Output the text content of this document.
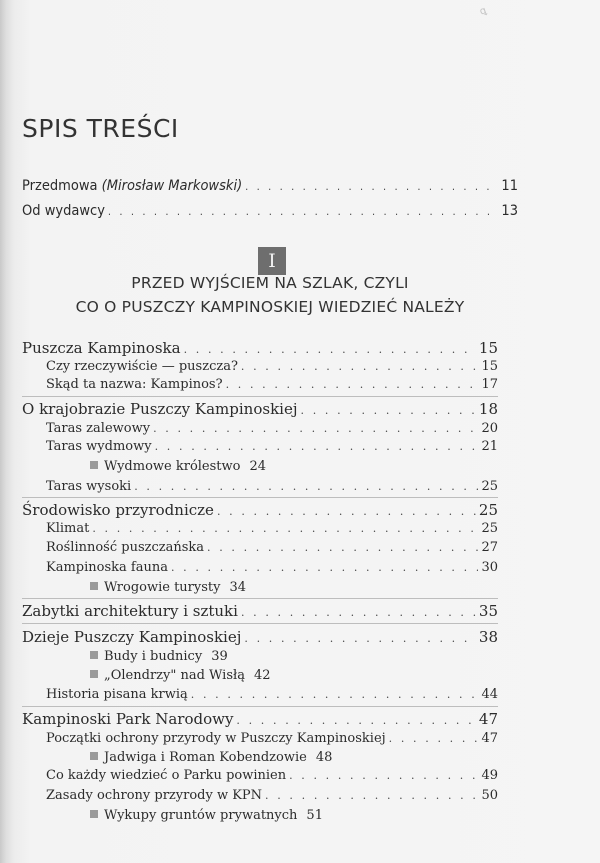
ꝗ
SPIS TREŚCI
Przedmowa (Mirosław Markowski) . . .	11
Od wydawcy . . .	13
I
PRZED WYJŚCIEM NA SZLAK, CZYLI
CO O PUSZCZY KAMPINOSKIEJ WIEDZIEĆ NALEŻY
Puszcza Kampinoska . . .	15
Czy rzeczywiście — puszcza? . . .	15
Skąd ta nazwa: Kampinos? . . .	17
O krajobrazie Puszczy Kampinoskiej . . .	18
Taras zalewowy . . .	20
Taras wydmowy . . .	21
Wydmowe królestwo 24
Taras wysoki . . .	25
Środowisko przyrodnicze . . .	25
Klimat . . .	25
Roślinność puszczańska . . .	27
Kampinoska fauna . . .	30
Wrogowie turysty 34
Zabytki architektury i sztuki . . .	35
Dzieje Puszczy Kampinoskiej . . .	38
Budy i budnicy 39
„Olendrzy" nad Wisłą 42
Historia pisana krwią . . .	44
Kampinoski Park Narodowy . . .	47
Początki ochrony przyrody w Puszczy Kampinoskiej . . .	47
Jadwiga i Roman Kobendzowie 48
Co każdy wiedzieć o Parku powinien . . .	49
Zasady ochrony przyrody w KPN . . .	50
Wykupy gruntów prywatnych 51
